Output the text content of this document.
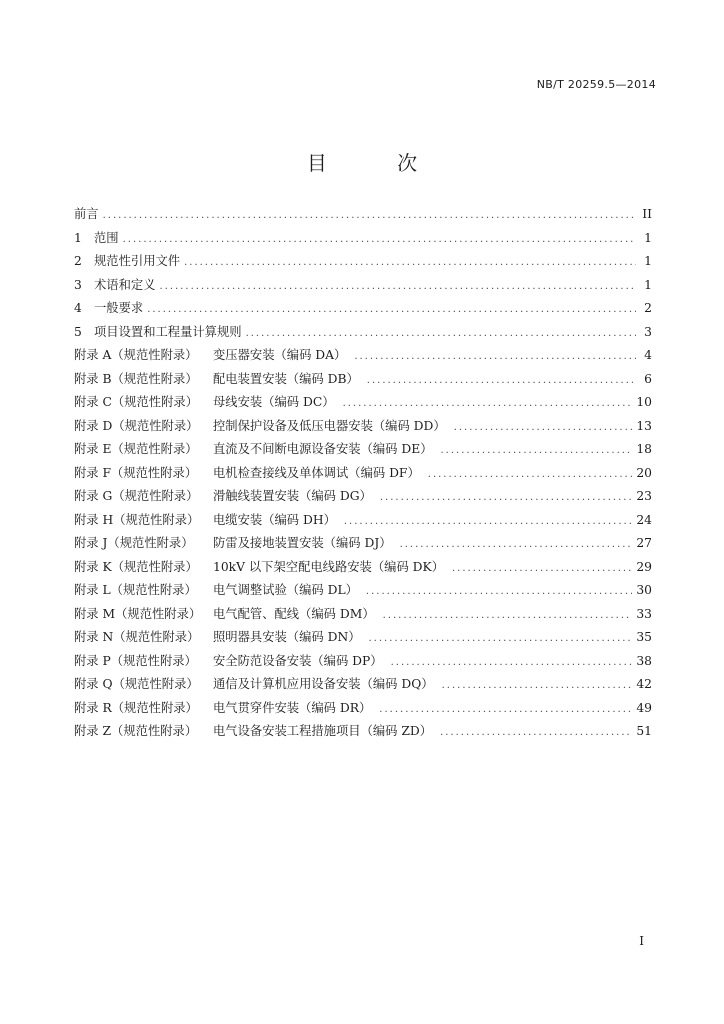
NB/T 20259.5—2014
目 次
前言 .....	II
1 范围 .....	1
2 规范性引用文件 .....	1
3 术语和定义 .....	1
4 一般要求 .....	2
5 项目设置和工程量计算规则 .....	3
附录 A（规范性附录）	变压器安装（编码 DA） .....	4
附录 B（规范性附录）	配电装置安装（编码 DB） .....	6
附录 C（规范性附录）	母线安装（编码 DC） .....	10
附录 D（规范性附录）	控制保护设备及低压电器安装（编码 DD） .....	13
附录 E（规范性附录）	直流及不间断电源设备安装（编码 DE） .....	18
附录 F（规范性附录）	电机检查接线及单体调试（编码 DF） .....	20
附录 G（规范性附录）	滑触线装置安装（编码 DG） .....	23
附录 H（规范性附录）	电缆安装（编码 DH） .....	24
附录 J（规范性附录）	防雷及接地装置安装（编码 DJ） .....	27
附录 K（规范性附录）	10kV 以下架空配电线路安装（编码 DK） .....	29
附录 L（规范性附录）	电气调整试验（编码 DL） .....	30
附录 M（规范性附录） 电气配管、配线（编码 DM） .....	33
附录 N（规范性附录）	照明器具安装（编码 DN） .....	35
附录 P（规范性附录）	安全防范设备安装（编码 DP） .....	38
附录 Q（规范性附录）	通信及计算机应用设备安装（编码 DQ） .....	42
附录 R（规范性附录）	电气贯穿件安装（编码 DR） .....	49
附录 Z（规范性附录）	电气设备安装工程措施项目（编码 ZD） .....	51
I
